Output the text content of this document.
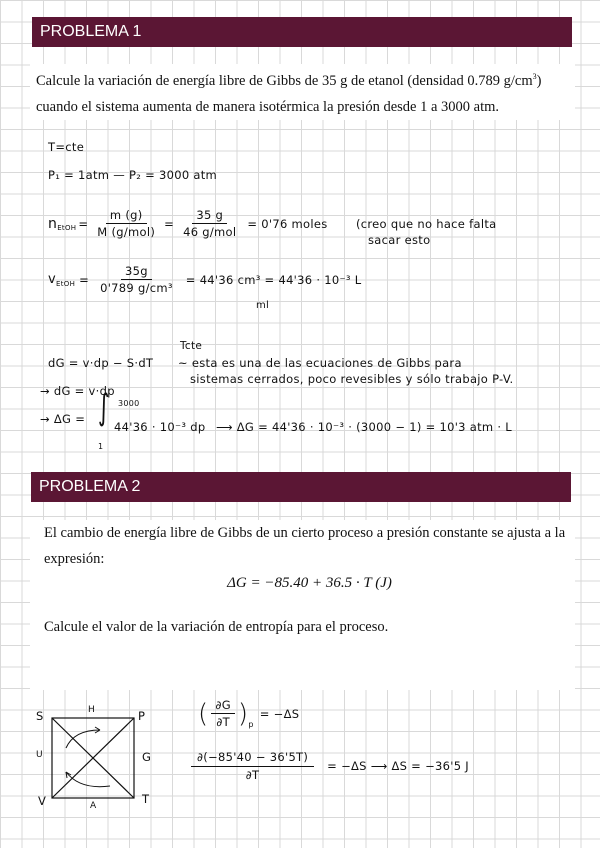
PROBLEMA 1
Calcule la variación de energía libre de Gibbs de 35 g de etanol (densidad 0.789 $g/cm^3$)
cuando el sistema aumenta de manera isotérmica la presión desde 1 a 3000 atm.
T=cte
P₁ = 1atm — P₂ = 3000 atm
n EtOH = $\frac{m (g)}{\text{M (g/mol)}} = \frac{35 g}{\text{46 g/mol}} = 0'76$ moles (creo que no hace falta
sacar esto
v EtOH = $\frac{35g}{\text{0'789 g/cm³}} = 44'36$ cm³ = 44'36 · 10⁻³ L
ml
Tcte
dG = v·dp − S·dT ~ esta es una de las ecuaciones de Gibbs para
sistemas cerrados, poco revesibles y sólo trabajo P-V.
→ dG = v·dp
→ ΔG = ∫ 3000
1
44'36 · 10⁻³ dp ⟶ ΔG = 44'36 · 10⁻³ · (3000 − 1) = 10'3 atm · L
PROBLEMA 2
El cambio de energía libre de Gibbs de un cierto proceso a presión constante se ajusta a la
expresión:
ΔG = −85.40 + 36.5 · T (J)
Calcule el valor de la variación de entropía para el proceso.
S	H	P
U	G
V	A	T
( $\frac{\partial G}{\partial T}$ ) p
= −ΔS
$\frac{\partial(-85'40 - 36'5T)}{\partial T} = -\Delta S$ ⟶ ΔS = −36'5 J
